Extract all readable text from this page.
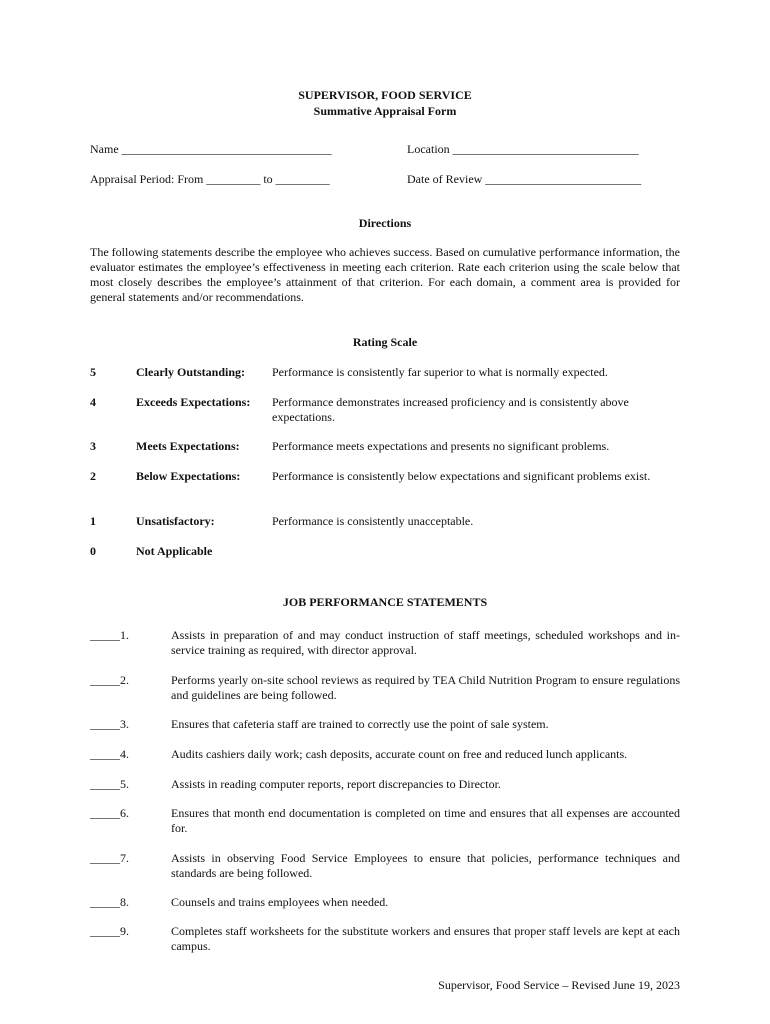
SUPERVISOR, FOOD SERVICE
Summative Appraisal Form
Name ___________________________________	Location _______________________________
Appraisal Period: From _________ to _________	Date of Review __________________________
Directions
The following statements describe the employee who achieves success. Based on cumulative performance information, the evaluator estimates the employee’s effectiveness in meeting each criterion. Rate each criterion using the scale below that most closely describes the employee’s attainment of that criterion. For each domain, a comment area is provided for general statements and/or recommendations.
Rating Scale
5	Clearly Outstanding: Performance is consistently far superior to what is normally expected.
4	Exceeds Expectations: Performance demonstrates increased proficiency and is consistently above expectations.
3	Meets Expectations:	Performance meets expectations and presents no significant problems.
2	Below Expectations:	Performance is consistently below expectations and significant problems exist.
1	Unsatisfactory:	Performance is consistently unacceptable.
0	Not Applicable
JOB PERFORMANCE STATEMENTS
_____1.	Assists in preparation of and may conduct instruction of staff meetings, scheduled workshops and in-service training as required, with director approval.
_____2.	Performs yearly on-site school reviews as required by TEA Child Nutrition Program to ensure regulations and guidelines are being followed.
_____3.	Ensures that cafeteria staff are trained to correctly use the point of sale system.
_____4.	Audits cashiers daily work; cash deposits, accurate count on free and reduced lunch applicants.
_____5.	Assists in reading computer reports, report discrepancies to Director.
_____6.	Ensures that month end documentation is completed on time and ensures that all expenses are accounted for.
_____7.	Assists in observing Food Service Employees to ensure that policies, performance techniques and standards are being followed.
_____8.	Counsels and trains employees when needed.
_____9.	Completes staff worksheets for the substitute workers and ensures that proper staff levels are kept at each campus.
Supervisor, Food Service – Revised June 19, 2023
